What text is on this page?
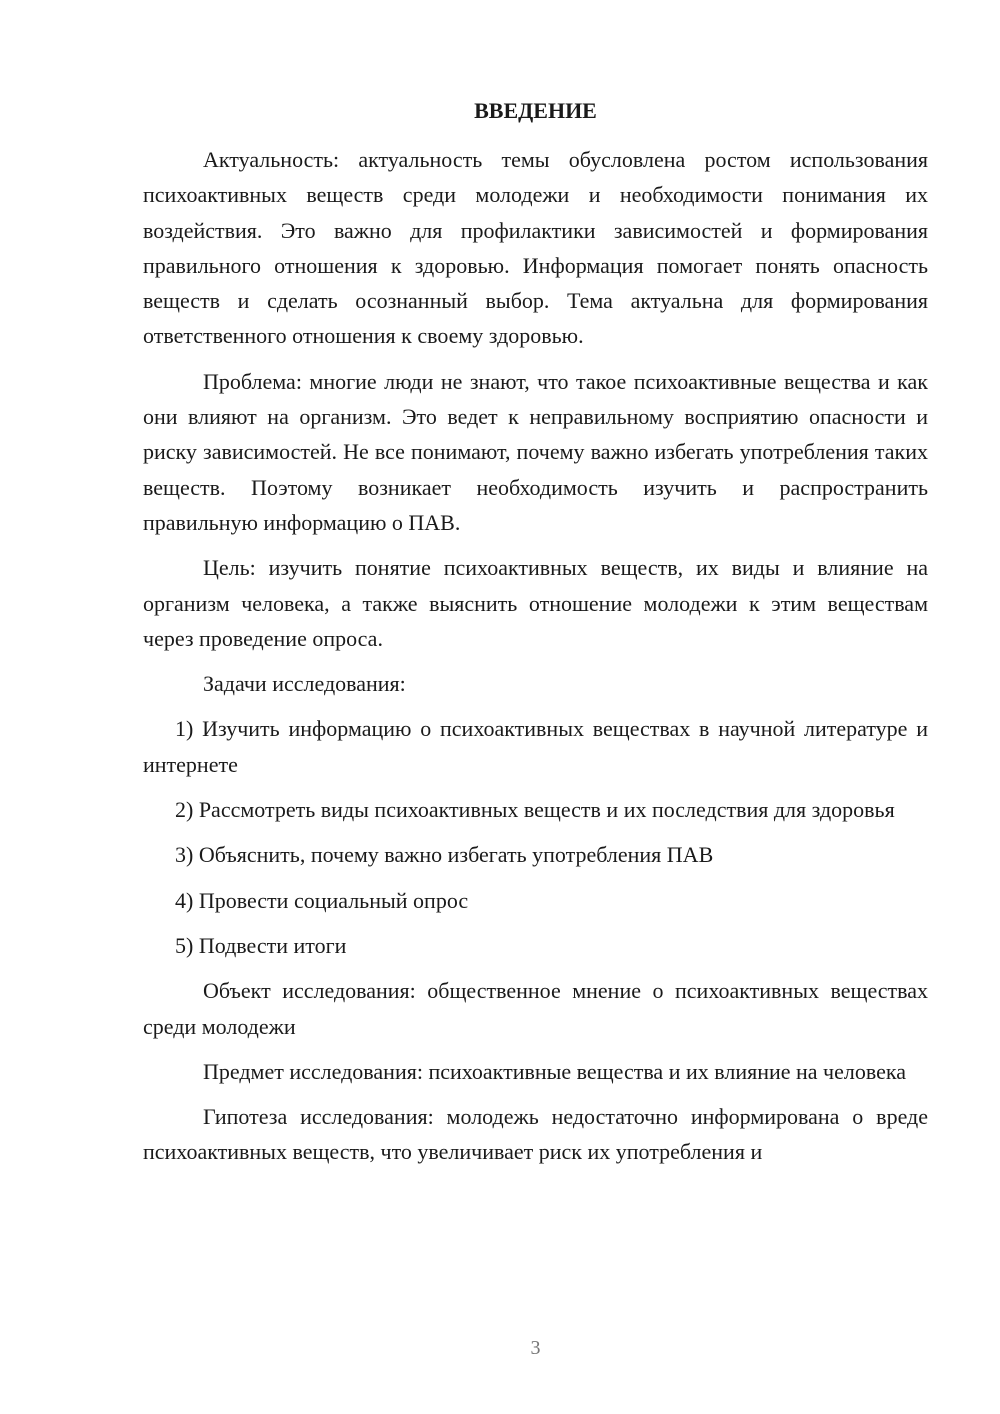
ВВЕДЕНИЕ

Актуальность: актуальность темы обусловлена ростом использования психоактивных веществ среди молодежи и необходимости понимания их воздействия. Это важно для профилактики зависимостей и формирования правильного отношения к здоровью. Информация помогает понять опасность веществ и сделать осознанный выбор. Тема актуальна для формирования ответственного отношения к своему здоровью.

Проблема: многие люди не знают, что такое психоактивные вещества и как они влияют на организм. Это ведет к неправильному восприятию опасности и риску зависимостей. Не все понимают, почему важно избегать употребления таких веществ. Поэтому возникает необходимость изучить и распространить правильную информацию о ПАВ.

Цель: изучить понятие психоактивных веществ, их виды и влияние на организм человека, а также выяснить отношение молодежи к этим веществам через проведение опроса.

Задачи исследования:

1) Изучить информацию о психоактивных веществах в научной литературе и интернете

2) Рассмотреть виды психоактивных веществ и их последствия для здоровья

3) Объяснить, почему важно избегать употребления ПАВ

4) Провести социальный опрос

5) Подвести итоги

Объект исследования: общественное мнение о психоактивных веществах среди молодежи

Предмет исследования: психоактивные вещества и их влияние на человека

Гипотеза исследования: молодежь недостаточно информирована о вреде психоактивных веществ, что увеличивает риск их употребления и

3
